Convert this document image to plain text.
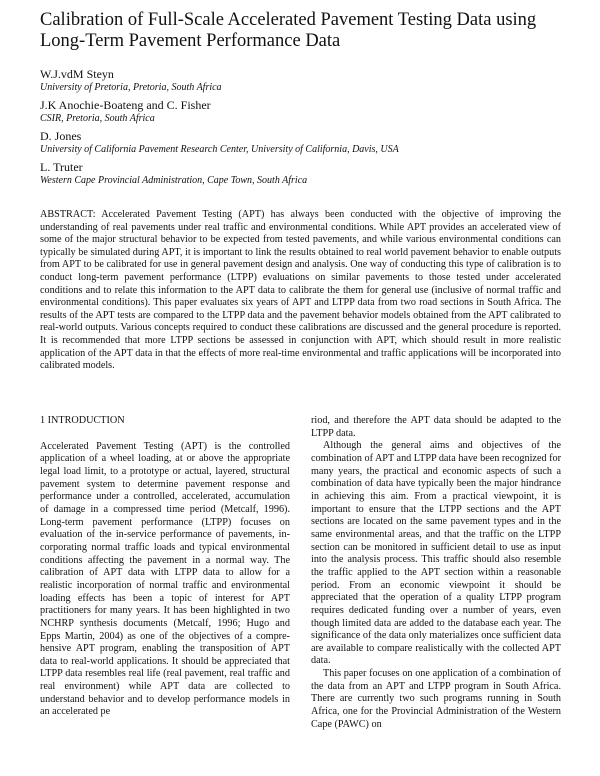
Calibration of Full-Scale Accelerated Pavement Testing Data using
Long-Term Pavement Performance Data
W.J.vdM Steyn
University of Pretoria, Pretoria, South Africa
J.K Anochie-Boateng and C. Fisher
CSIR, Pretoria, South Africa
D. Jones
University of California Pavement Research Center, University of California, Davis, USA
L. Truter
Western Cape Provincial Administration, Cape Town, South Africa

ABSTRACT: Accelerated Pavement Testing (APT) has always been conducted with the objective of improving the understanding of real pavements under real traffic and environmental conditions. While APT provides an accelerated view of some of the major structural behavior to be expected from tested pavements, and while various environmental conditions can typically be simulated during APT, it is important to link the results obtained to real world pavement behavior to enable outputs from APT to be calibrated for use in general pavement design and analysis. One way of conducting this type of calibration is to conduct long-term pavement performance (LTPP) evaluations on similar pavements to those tested under accelerated conditions and to relate this information to the APT data to calibrate the them for general use (inclusive of normal traffic and environmental conditions). This paper evaluates six years of APT and LTPP data from two road sections in South Africa. The results of the APT tests are compared to the LTPP data and the pavement behavior models obtained from the APT calibrated to real-world outputs. Various concepts required to conduct these calibrations are discussed and the general procedure is reported. It is recommended that more LTPP sections be assessed in conjunction with APT, which should result in more realistic application of the APT data in that the effects of more real-time environmental and traffic applications will be incorporated into calibrated models.

1 INTRODUCTION

Accelerated Pavement Testing (APT) is the controlled application of a wheel loading, at or above the appropriate legal load limit, to a prototype or actual, layered, structural pavement system to determine pavement response and performance under a controlled, accelerated, accumulation of damage in a compressed time period (Metcalf, 1996). Long-term pavement performance (LTPP) focuses on evaluation of the in-service performance of pavements, incorporating normal traffic loads and typical environmental conditions affecting the pavement in a normal way. The calibration of APT data with LTPP data to allow for a realistic incorporation of normal traffic and environmental loading effects has been a topic of interest for APT practitioners for many years. It has been highlighted in two NCHRP synthesis documents (Metcalf, 1996; Hugo and Epps Martin, 2004) as one of the objectives of a comprehensive APT program, enabling the transposition of APT data to real-world applications. It should be appreciated that LTPP data resembles real life (real pavement, real traffic and real environment) while APT data are collected to understand behavior and to develop performance models in an accelerated pe

riod, and therefore the APT data should be adapted to the LTPP data.

Although the general aims and objectives of the combination of APT and LTPP data have been recognized for many years, the practical and economic aspects of such a combination of data have typically been the major hindrance in achieving this aim. From a practical viewpoint, it is important to ensure that the LTPP sections and the APT sections are located on the same pavement types and in the same environmental areas, and that the traffic on the LTPP section can be monitored in sufficient detail to use as input into the analysis process. This traffic should also resemble the traffic applied to the APT section within a reasonable period. From an economic viewpoint it should be appreciated that the operation of a quality LTPP program requires dedicated funding over a number of years, even though limited data are added to the database each year. The significance of the data only materializes once sufficient data are available to compare realistically with the collected APT data.

This paper focuses on one application of a combination of the data from an APT and LTPP program in South Africa. There are currently two such programs running in South Africa, one for the Provincial Administration of the Western Cape (PAWC) on
